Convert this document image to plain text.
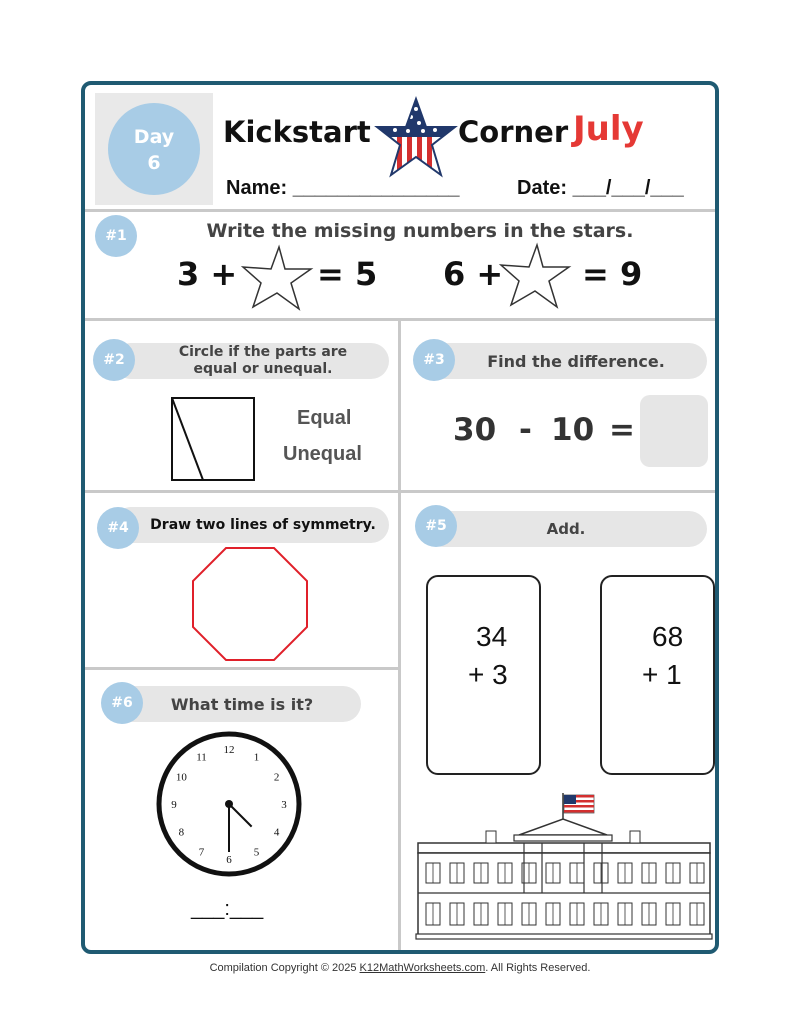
Day
6
Kickstart	Corner July
Name: _______________	Date: ___/___/___
#1	Write the missing numbers in the stars.
3 + = 5 6 + = 9
Circle if the parts are
equal or unequal.
#2
Equal
Unequal
Find the difference.
#3
30 - 10 =
Draw two lines of symmetry.
#4	Add.
#5
34
+ 3
68
+ 1
What time is it?
#6
12
1
2
3
4
5
6
7
8
9
10
11
___:___
Compilation Copyright © 2025 K12MathWorksheets.com. All Rights Reserved.
